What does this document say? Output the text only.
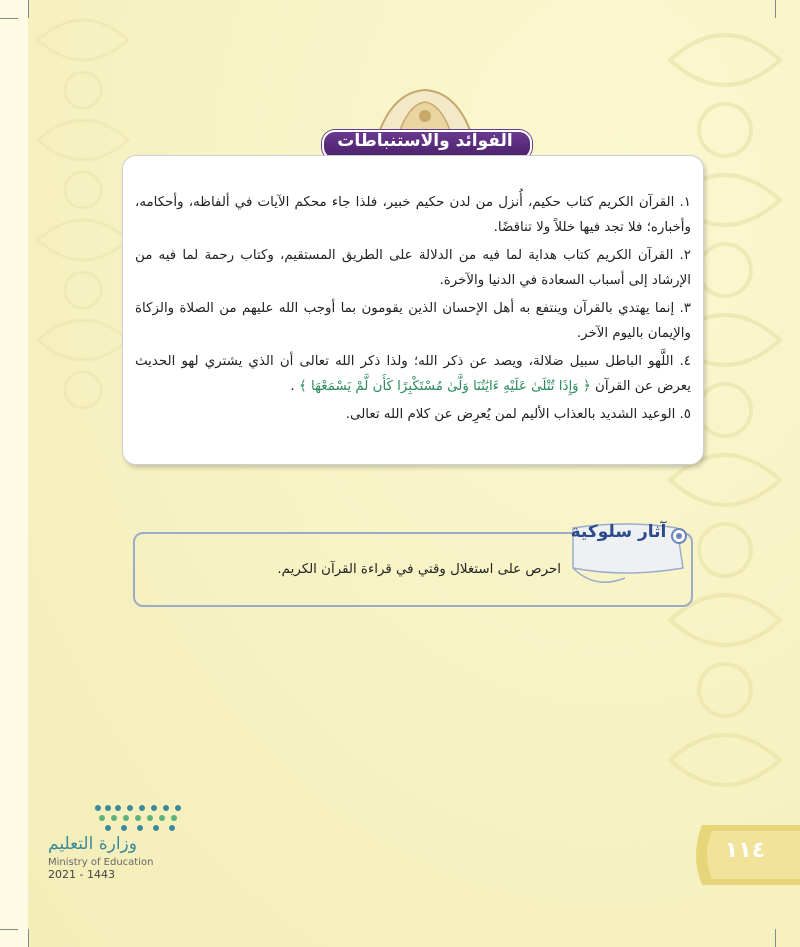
الفوائد والاستنباطات

١. القرآن الكريم كتاب حكيم، أُنزل من لدن حكيم خبير، فلذا جاء محكم الآيات في ألفاظه، وأحكامه، وأخباره؛ فلا تجد فيها خللاً ولا تناقضًا.

٢. القرآن الكريم كتاب هداية لما فيه من الدلالة على الطريق المستقيم، وكتاب رحمة لما فيه من الإرشاد إلى أسباب السعادة في الدنيا والآخرة.

٣. إنما يهتدي بالقرآن وينتفع به أهل الإحسان الذين يقومون بما أوجب الله عليهم من الصلاة والزكاة والإيمان باليوم الآخر.

٤. اللَّهو الباطل سبيل ضلالة، ويصد عن ذكر الله؛ ولذا ذكر الله تعالى أن الذي يشتري لهو الحديث يعرض عن القرآن ﴿ وَإِذَا تُتْلَىٰ عَلَيْهِ ءَايَٰتُنَا وَلَّىٰ مُسْتَكْبِرًا كَأَن لَّمْ يَسْمَعْهَا ﴾ .

٥. الوعيد الشديد بالعذاب الأليم لمن يُعرِض عن كلام الله تعالى.

احرص على استغلال وقتي في قراءة القرآن الكريم.
آثار سلوكية
وزارة التعليم
Ministry of Education
2021 - 1443
١١٤
